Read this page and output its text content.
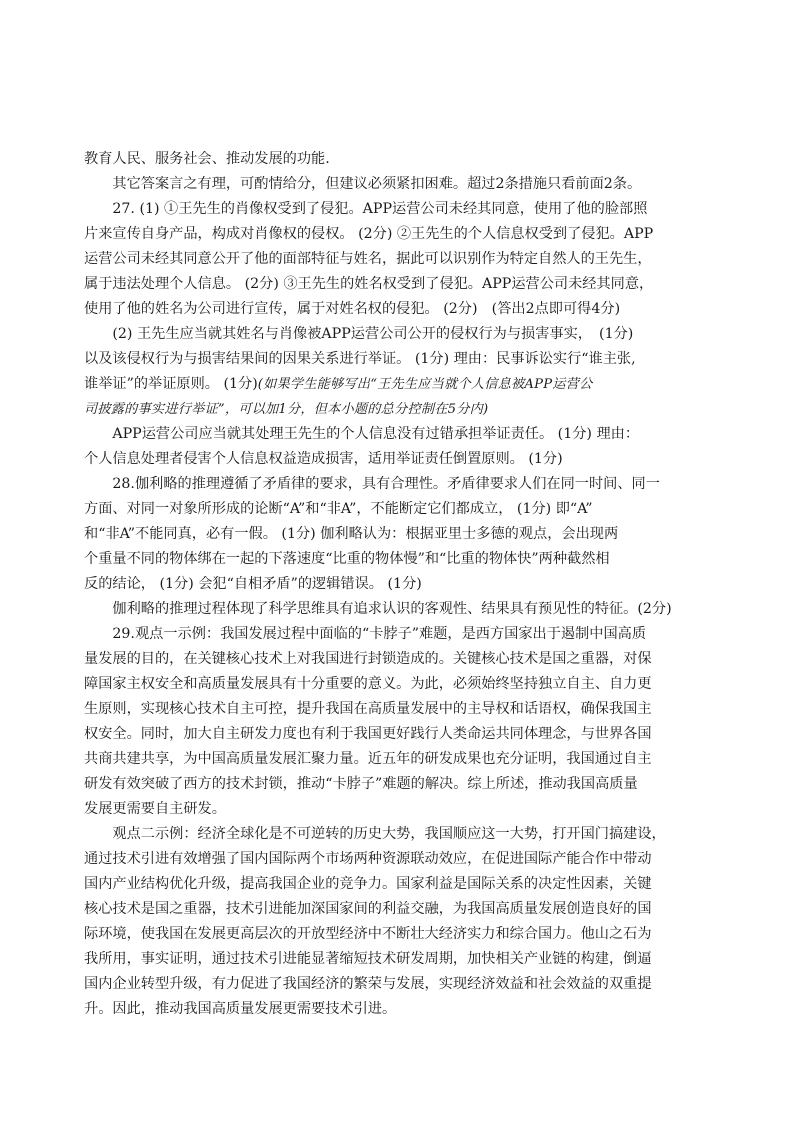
教育人民、服务社会、推动发展的功能.
　　其它答案言之有理，可酌情给分，但建议必须紧扣困难。超过2条措施只看前面2条。
　　27. (1) ①王先生的肖像权受到了侵犯。APP运营公司未经其同意，使用了他的脸部照
片来宣传自身产品，构成对肖像权的侵权。 (2分) ②王先生的个人信息权受到了侵犯。APP
运营公司未经其同意公开了他的面部特征与姓名，据此可以识别作为特定自然人的王先生，
属于违法处理个人信息。 (2分) ③王先生的姓名权受到了侵犯。APP运营公司未经其同意，
使用了他的姓名为公司进行宣传，属于对姓名权的侵犯。 (2分)　(答出2点即可得4分)
　　(2) 王先生应当就其姓名与肖像被APP运营公司公开的侵权行为与损害事实，　(1分)
以及该侵权行为与损害结果间的因果关系进行举证。 (1分) 理由：民事诉讼实行“谁主张,
谁举证”的举证原则。 (1分)(如果学生能够写出“王先生应当就个人信息被APP运营公
司披露的事实进行举证”，可以加1分，但本小题的总分控制在5分内)
　　APP运营公司应当就其处理王先生的个人信息没有过错承担举证责任。 (1分) 理由：
个人信息处理者侵害个人信息权益造成损害，适用举证责任倒置原则。 (1分)
　　28.伽利略的推理遵循了矛盾律的要求，具有合理性。矛盾律要求人们在同一时间、同一
方面、对同一对象所形成的论断“A”和“非A”，不能断定它们都成立， (1分) 即“A”
和“非A”不能同真，必有一假。 (1分) 伽利略认为：根据亚里士多德的观点，会出现两
个重量不同的物体绑在一起的下落速度“比重的物体慢”和“比重的物体快”两种截然相
反的结论， (1分) 会犯“自相矛盾”的逻辑错误。 (1分)
　　伽利略的推理过程体现了科学思维具有追求认识的客观性、结果具有预见性的特征。(2分)
　　29.观点一示例：我国发展过程中面临的“卡脖子”难题，是西方国家出于遏制中国高质
量发展的目的，在关键核心技术上对我国进行封锁造成的。关键核心技术是国之重器，对保
障国家主权安全和高质量发展具有十分重要的意义。为此，必须始终坚持独立自主、自力更
生原则，实现核心技术自主可控，提升我国在高质量发展中的主导权和话语权，确保我国主
权安全。同时，加大自主研发力度也有利于我国更好践行人类命运共同体理念，与世界各国
共商共建共享，为中国高质量发展汇聚力量。近五年的研发成果也充分证明，我国通过自主
研发有效突破了西方的技术封锁，推动“卡脖子”难题的解决。综上所述，推动我国高质量
发展更需要自主研发。
　　观点二示例：经济全球化是不可逆转的历史大势，我国顺应这一大势，打开国门搞建设，
通过技术引进有效增强了国内国际两个市场两种资源联动效应，在促进国际产能合作中带动
国内产业结构优化升级，提高我国企业的竞争力。国家利益是国际关系的决定性因素，关键
核心技术是国之重器，技术引进能加深国家间的利益交融，为我国高质量发展创造良好的国
际环境，使我国在发展更高层次的开放型经济中不断壮大经济实力和综合国力。他山之石为
我所用，事实证明，通过技术引进能显著缩短技术研发周期，加快相关产业链的构建，倒逼
国内企业转型升级，有力促进了我国经济的繁荣与发展，实现经济效益和社会效益的双重提
升。因此，推动我国高质量发展更需要技术引进。
